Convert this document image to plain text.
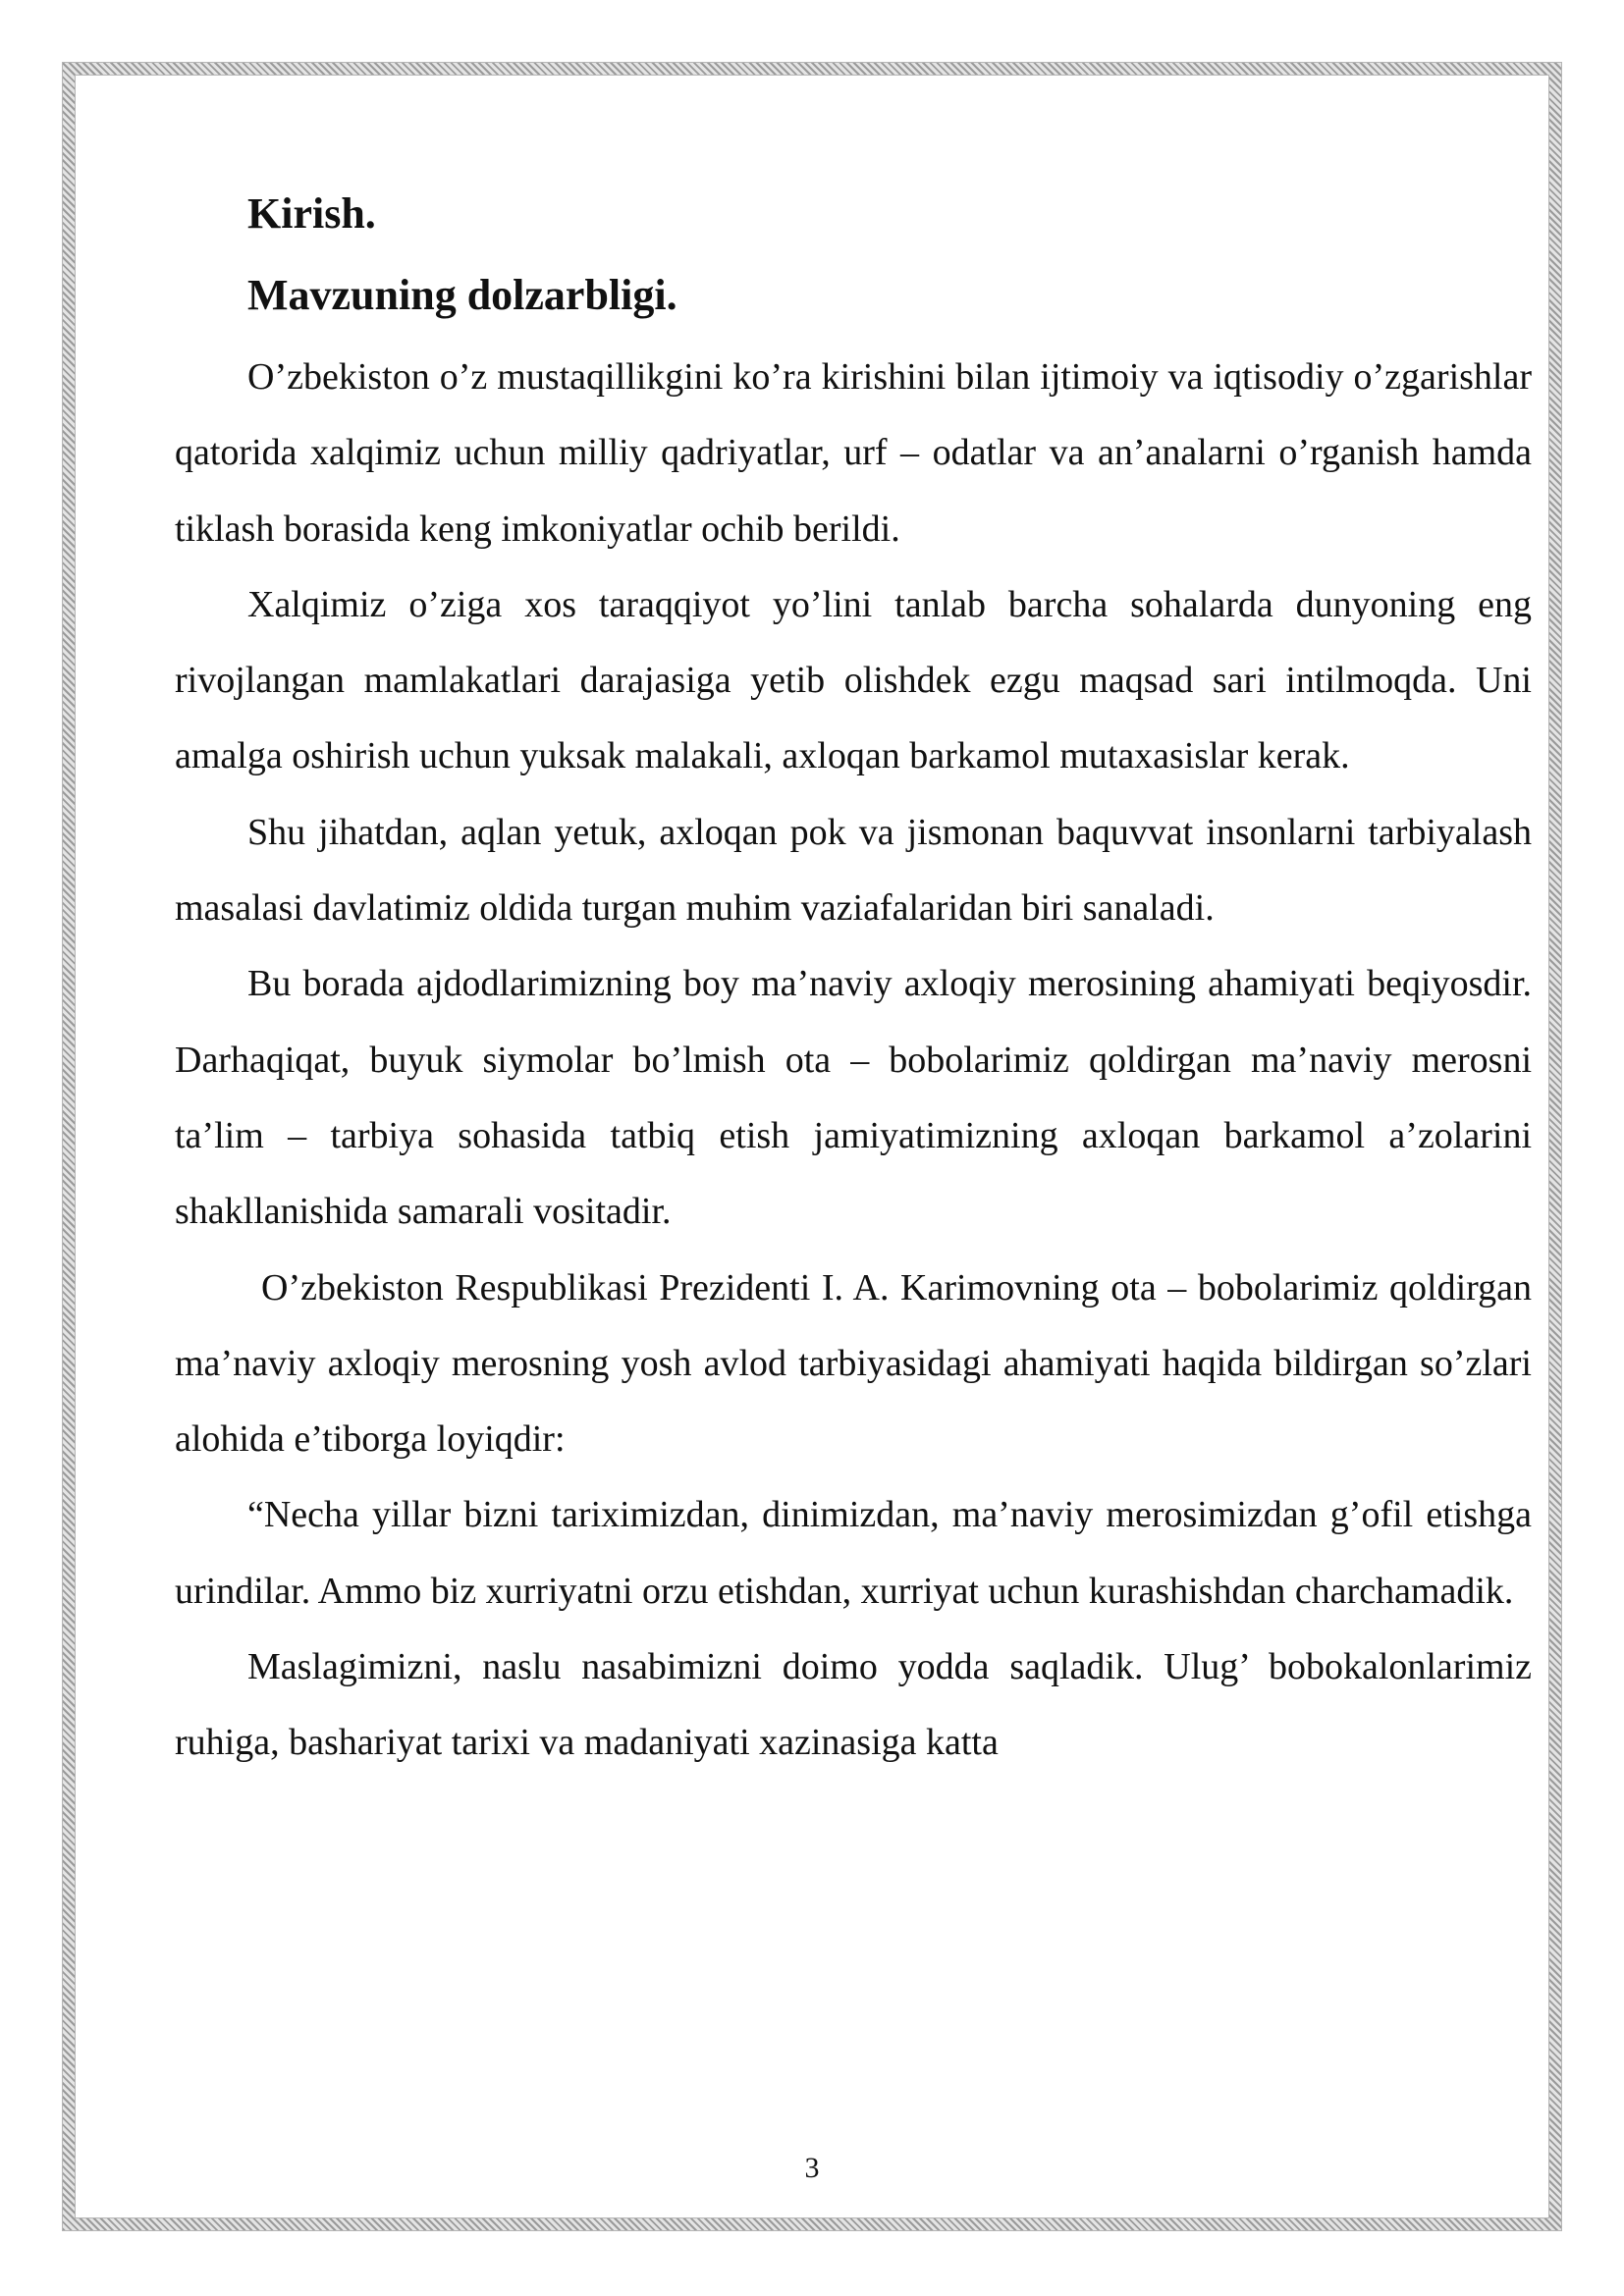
Kirish.
Mavzuning dolzarbligi.

O’zbekiston o’z mustaqillikgini ko’ra kirishini bilan ijtimoiy va iqtisodiy o’zgarishlar qatorida xalqimiz uchun milliy qadriyatlar, urf – odatlar va an’analarni o’rganish hamda tiklash borasida keng imkoniyatlar ochib berildi.

Xalqimiz o’ziga xos taraqqiyot yo’lini tanlab barcha sohalarda dunyoning eng rivojlangan mamlakatlari darajasiga yetib olishdek ezgu maqsad sari intilmoqda. Uni amalga oshirish uchun yuksak malakali, axloqan barkamol mutaxasislar kerak.

Shu jihatdan, aqlan yetuk, axloqan pok va jismonan baquvvat insonlarni tarbiyalash masalasi davlatimiz oldida turgan muhim vaziafalaridan biri sanaladi.

Bu borada ajdodlarimizning boy ma’naviy axloqiy merosining ahamiyati beqiyosdir. Darhaqiqat, buyuk siymolar bo’lmish ota – bobolarimiz qoldirgan ma’naviy merosni ta’lim – tarbiya sohasida tatbiq etish jamiyatimizning axloqan barkamol a’zolarini shakllanishida samarali vositadir.

O’zbekiston Respublikasi Prezidenti I. A. Karimovning ota – bobolarimiz qoldirgan ma’naviy axloqiy merosning yosh avlod tarbiyasidagi ahamiyati haqida bildirgan so’zlari alohida e’tiborga loyiqdir:

“Necha yillar bizni tariximizdan, dinimizdan, ma’naviy merosimizdan g’ofil etishga urindilar. Ammo biz xurriyatni orzu etishdan, xurriyat uchun kurashishdan charchamadik.

Maslagimizni, naslu nasabimizni doimo yodda saqladik. Ulug’ bobokalonlarimiz ruhiga, bashariyat tarixi va madaniyati xazinasiga katta

3
